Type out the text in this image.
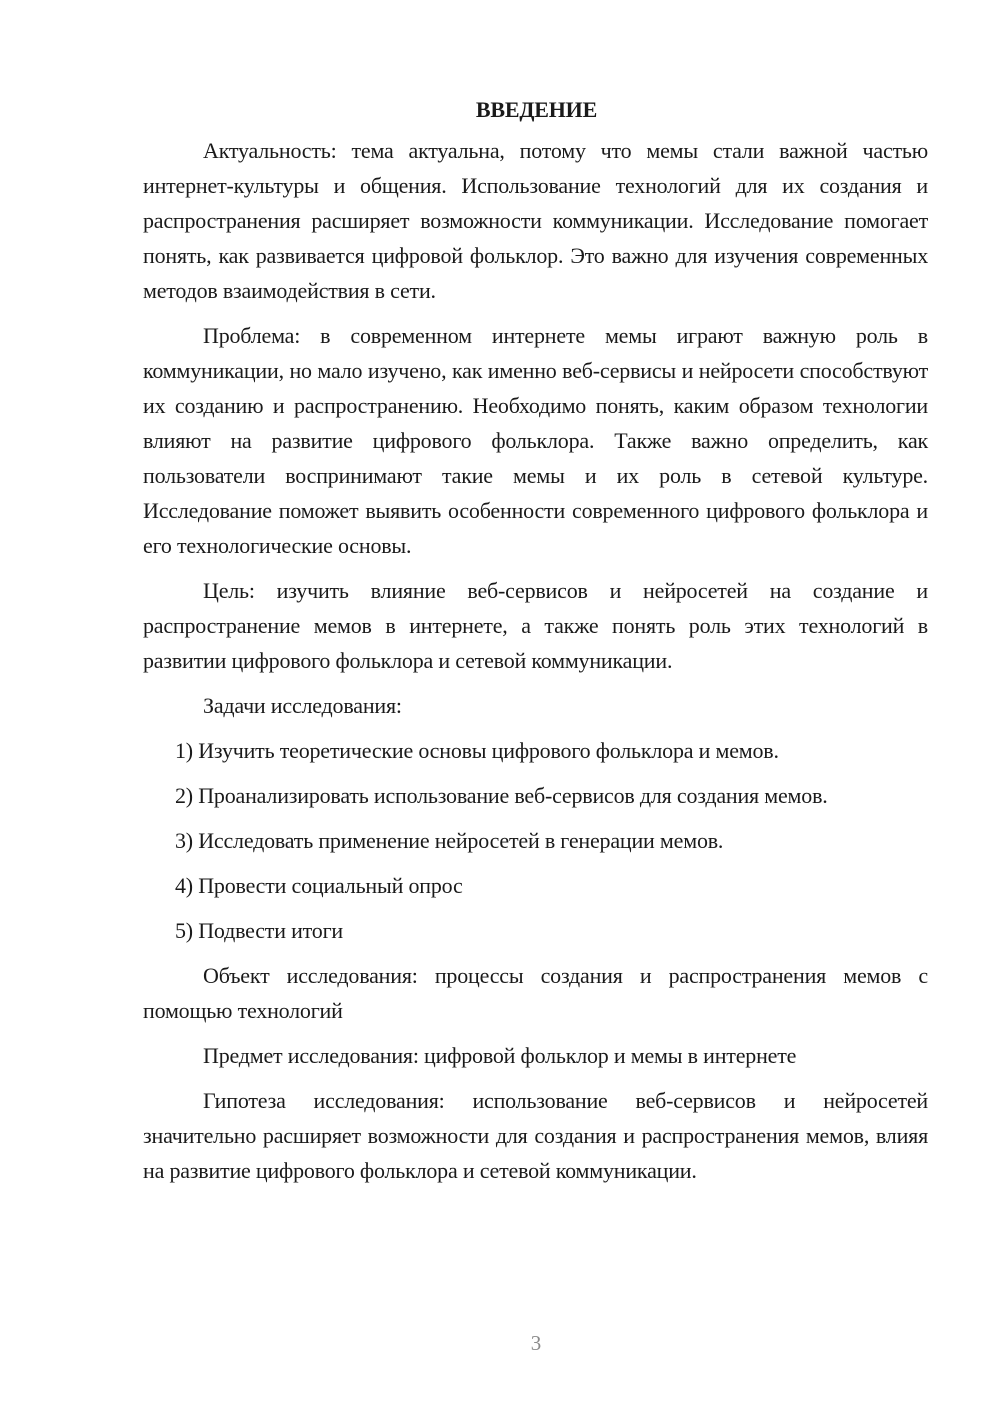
ВВЕДЕНИЕ

Актуальность: тема актуальна, потому что мемы стали важной частью интернет-культуры и общения. Использование технологий для их создания и распространения расширяет возможности коммуникации. Исследование помогает понять, как развивается цифровой фольклор. Это важно для изучения современных методов взаимодействия в сети.

Проблема: в современном интернете мемы играют важную роль в коммуникации, но мало изучено, как именно веб-сервисы и нейросети способствуют их созданию и распространению. Необходимо понять, каким образом технологии влияют на развитие цифрового фольклора. Также важно определить, как пользователи воспринимают такие мемы и их роль в сетевой культуре. Исследование поможет выявить особенности современного цифрового фольклора и его технологические основы.

Цель: изучить влияние веб-сервисов и нейросетей на создание и распространение мемов в интернете, а также понять роль этих технологий в развитии цифрового фольклора и сетевой коммуникации.

Задачи исследования:

1) Изучить теоретические основы цифрового фольклора и мемов.

2) Проанализировать использование веб-сервисов для создания мемов.

3) Исследовать применение нейросетей в генерации мемов.

4) Провести социальный опрос

5) Подвести итоги

Объект исследования: процессы создания и распространения мемов с помощью технологий

Предмет исследования: цифровой фольклор и мемы в интернете

Гипотеза исследования: использование веб-сервисов и нейросетей значительно расширяет возможности для создания и распространения мемов, влияя на развитие цифрового фольклора и сетевой коммуникации.

3
